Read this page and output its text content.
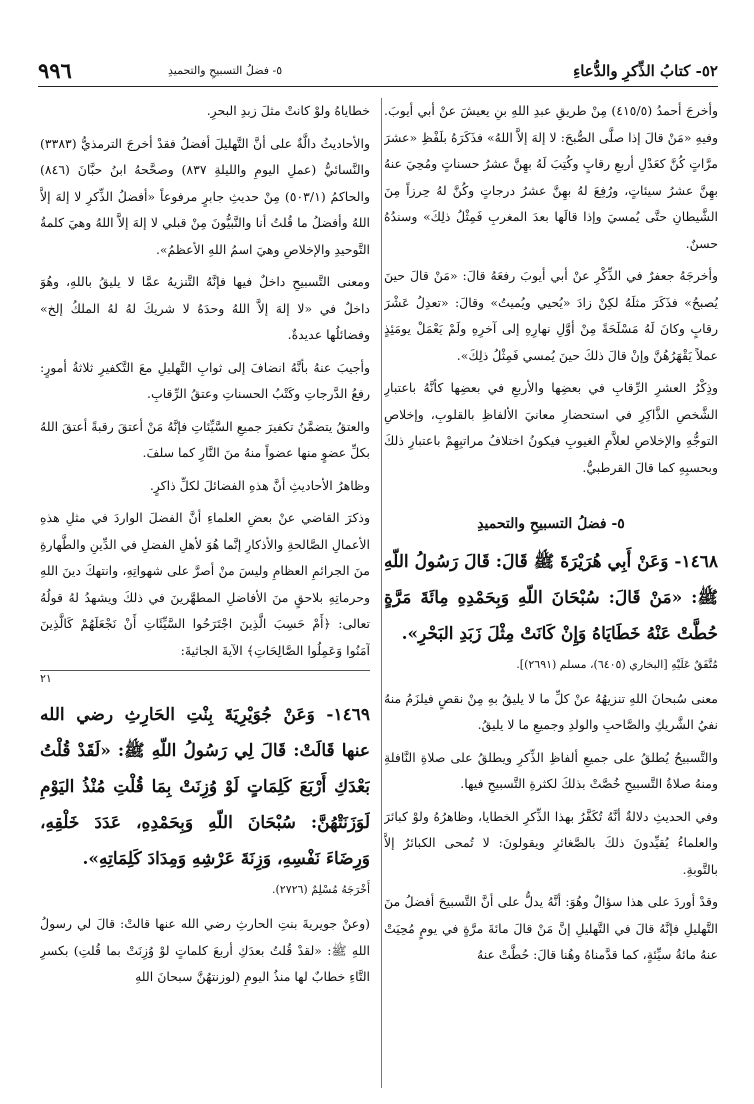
٥٢- كتابُ الذِّكرِ والدُّعاءِ
٥- فضلُ التسبيحِ والتحميدِ
٩٩٦

وأخرجَ أحمدُ (٤١٥/٥) مِنْ طريقِ عبدِ اللهِ بنِ يعيشَ عنْ أبي أيوبَ. وفيهِ «مَنْ قالَ إذا صلَّى الصُّبحَ: لا إلهَ إلاَّ اللهُ» فذَكَرَهُ بلَفْظِ «عشرَ مرَّاتٍ كُنَّ كعَدْلِ أربعِ رقابٍ وكُتِبَ لَهُ بهِنَّ عشرُ حسناتٍ ومُحِيَ عنهُ بهِنَّ عشرُ سيئاتٍ، ورُفِعَ لهُ بهِنَّ عشرُ درجاتٍ وكُنَّ لهُ حِرزاً مِنَ الشَّيطانِ حتَّى يُمسيَ وإذا قالَها بعدَ المغربِ فَمِثْلُ ذلِكَ» وسندُهُ حسنٌ.

وأخرجَهُ جعفرٌ في الذِّكْرِ عنْ أبي أيوبَ رفعَهُ قالَ: «مَنْ قالَ حينَ يُصبحُ» فذَكَرَ مثلَهُ لكِنْ زادَ «يُحيي ويُميتُ» وقالَ: «تعدِلُ عَشْرَ رقابٍ وكانَ لَهُ مَسْلَحَةً مِنْ أوَّلِ نهارِهِ إلى آخرِهِ ولَمْ يَعْمَلْ يومَئِذٍ عملاً يَقْهَرُهُنَّ وإنْ قالَ ذلكَ حينَ يُمسي فَمِثْلُ ذلِكَ».

وذِكْرُ العشرِ الرِّقابِ في بعضِها والأربعِ في بعضِها كأنَّهُ باعتبارِ الشَّخصِ الذَّاكِرِ في استحضارِ معانيَ الألفاظِ بالقلوبِ، وإخلاصِ التوجُّهِ والإخلاصِ لعلاَّمِ الغيوبِ فيكونُ اختلافُ مراتبِهِمْ باعتبارِ ذلكَ وبحسبِهِ كما قالَ القرطبيُّ.

٥- فضلُ التسبيحِ والتحميدِ
١٤٦٨- وَعَنْ أَبِي هُرَيْرَةَ ﷺ قَالَ: قَالَ رَسُولُ اللّهِ ﷺ: «مَنْ قَالَ: سُبْحَانَ اللّهِ وَبِحَمْدِهِ مِائَةَ مَرَّةٍ حُطَّتْ عَنْهُ خَطَايَاهُ وَإِنْ كَانَتْ مِثْلَ زَبَدِ البَحْرِ».
مُتَّفَقٌ عَلَيْهِ [البخاري (٦٤٠٥)، مسلم (٢٦٩١)].

معنى سُبحانَ اللهِ تنزيهُهُ عنْ كلِّ ما لا يليقُ بهِ مِنْ نقصٍ فيلزَمُ منهُ نفيُ الشَّريكِ والصَّاحبِ والولدِ وجميعِ ما لا يليقُ.

والتَّسبيحُ يُطلقُ على جميعِ ألفاظِ الذِّكرِ ويطلقُ على صلاةِ النَّافلةِ ومنهُ صلاةُ التَّسبيحِ خُصَّتْ بذلكَ لكثرةِ التَّسبيحِ فيها.

وفي الحديثِ دلالةٌ أنَّهُ تُكَفَّرُ بهذا الذِّكرِ الخطايا، وظاهرُهُ ولوْ كبائرَ والعلماءُ يُقيِّدونَ ذلكَ بالصَّغائرِ ويقولونَ: لا تُمحى الكبائرُ إلاَّ بالتَّوبةِ.

وقدْ أوردَ على هذا سؤالٌ وهُوَ: أنَّهُ يدلُّ على أنَّ التَّسبيحَ أفضلُ منَ التَّهليلِ فإنَّهُ قالَ في التَّهليلِ إنَّ مَنْ قالَ مائةَ مرَّةٍ في يومٍ مُحِيَتْ عنهُ مائةُ سيِّئةٍ، كما قدَّمناهُ وهُنا قالَ: حُطَّتْ عنهُ

خطاياهُ ولوْ كانتْ مثلَ زبدِ البحرِ.

والأحاديثُ دالَّةٌ على أنَّ التَّهليلَ أفضلُ فقدْ أخرجَ الترمذيُّ (٣٣٨٣) والنَّسائيُّ (عملِ اليومِ والليلةِ ٨٣٧) وصحَّحهُ ابنُ حبَّانَ (٨٤٦) والحاكمُ (٥٠٣/١) مِنْ حديثِ جابرٍ مرفوعاً «أفضلُ الذِّكرِ لا إلهَ إلاَّ اللهُ وأفضلُ ما قُلتُ أنا والنَّبيُّونَ مِنْ قبلي لا إلهَ إلاَّ اللهُ وهيَ كلمةُ التَّوحيدِ والإخلاصِ وهيَ اسمُ اللهِ الأعظمُ».

ومعنى التَّسبيحِ داخلٌ فيها فإنَّهُ التَّنزيهُ عمَّا لا يليقُ باللهِ، وهُوَ داخلٌ في «لا إلهَ إلاَّ اللهُ وحدَهُ لا شريكَ لهُ لهُ الملكُ إلخ» وفضائلُها عديدةٌ.

وأجيبَ عنهُ بأنَّهُ انضافَ إلى ثوابِ التَّهليلِ معَ التَّكفيرِ ثلاثةُ أمورٍ: رفعُ الدَّرجاتِ وكَتْبُ الحسناتِ وعتقُ الرِّقابِ.

والعتقُ يتضمَّنُ تكفيرَ جميعِ السَّيِّئاتِ فإنَّهُ مَنْ أعتقَ رقبةً أعتقَ اللهُ بكلِّ عضوٍ منها عضواً منهُ منَ النَّارِ كما سلفَ.

وظاهرُ الأحاديثِ أنَّ هذهِ الفضائلَ لكلِّ ذاكرٍ.

وذكرَ القاضي عنْ بعضِ العلماءِ أنَّ الفضلَ الواردَ في مثلِ هذهِ الأعمالِ الصَّالحةِ والأذكارِ إنَّما هُوَ لأهلِ الفضلِ في الدِّينِ والطَّهارةِ منَ الجرائمِ العظامِ وليسَ منْ أصرَّ على شهواتِهِ، وانتهكَ دينَ اللهِ وحرماتِهِ بلاحقٍ منَ الأفاضلِ المطهَّرينَ في ذلكَ ويشهدُ لهُ قولُهُ تعالى: ﴿أَمْ حَسِبَ الَّذِينَ اجْتَرَحُوا السَّيِّئَاتِ أَنْ نَجْعَلَهُمْ كَالَّذِينَ آمَنُوا وَعَمِلُوا الصَّالِحَاتِ﴾ الآيةَ الجاثيةَ:

٢١
١٤٦٩- وَعَنْ جُوَيْرِيَةَ بِنْتِ الحَارِثِ رضي الله عنها قَالَتْ: قَالَ لِي رَسُولُ اللّهِ ﷺ: «لَقَدْ قُلْتُ بَعْدَكِ أَرْبَعَ كَلِمَاتٍ لَوْ وُزِنَتْ بِمَا قُلْتِ مُنْذُ اليَوْمِ لَوَزَنَتْهُنَّ: سُبْحَانَ اللّهِ وَبِحَمْدِهِ، عَدَدَ خَلْقِهِ، وَرِضَاءَ نَفْسِهِ، وَزِنَةَ عَرْشِهِ وَمِدَادَ كَلِمَاتِهِ».
أَخْرَجَهُ مُسْلِمٌ (٢٧٢٦).

(وعنْ جويريةَ بنتِ الحارثِ رضي الله عنها قالتْ: قالَ لي رسولُ اللهِ ﷺ: «لقدْ قُلتُ بعدَكِ أربعَ كلماتٍ لوْ وُزِنَتْ بما قُلتِ) بكسرِ التَّاءِ خطابٌ لها منذُ اليومِ (لوزنتهُنَّ سبحانَ اللهِ
